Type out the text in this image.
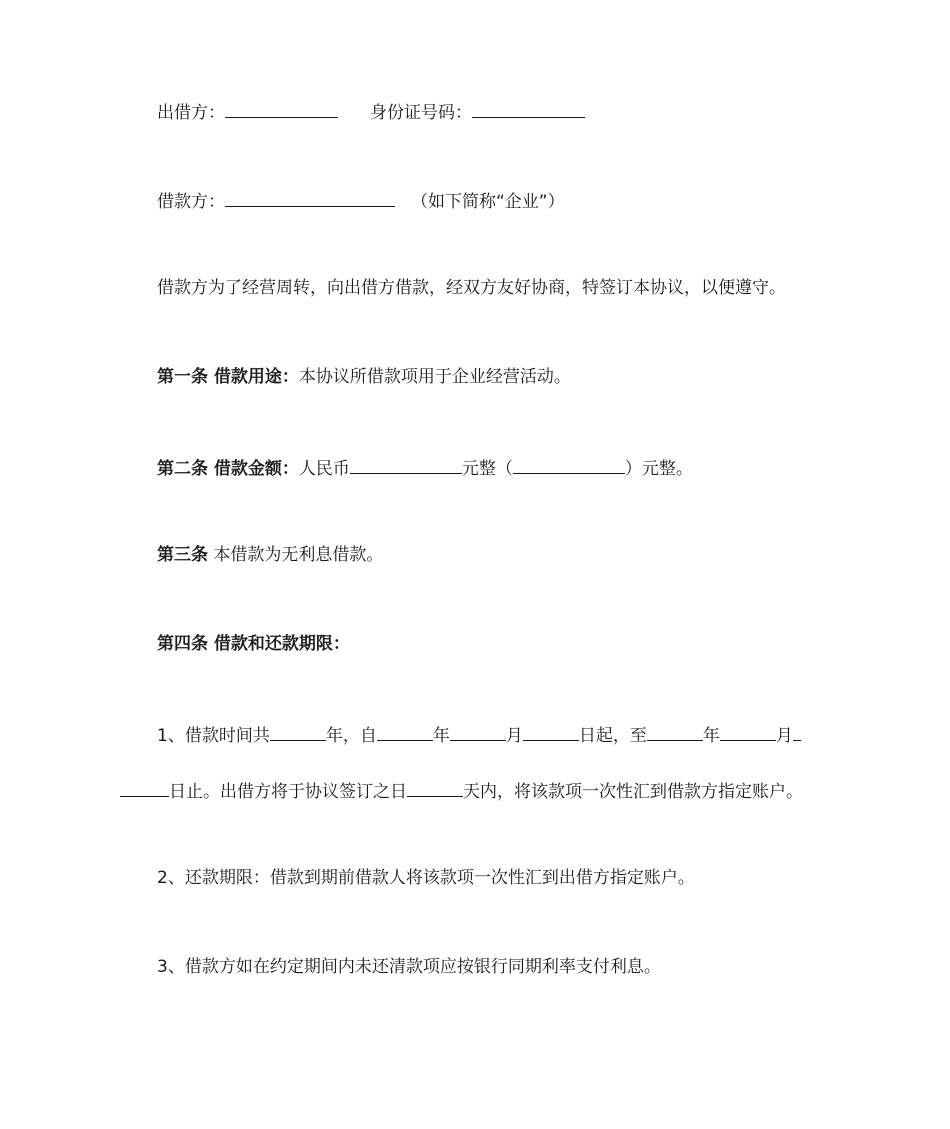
出借方：	身份证号码：
借款方：	（如下简称“企业”）
借款方为了经营周转，向出借方借款，经双方友好协商，特签订本协议，以便遵守。
第一条 借款用途：本协议所借款项用于企业经营活动。
第二条 借款金额：人民币	元整（	）元整。
第三条 本借款为无利息借款。
第四条 借款和还款期限：
1、借款时间共	年，自	年	月	日起，至	年	月
日止。出借方将于协议签订之日	天内，将该款项一次性汇到借款方指定账户。
2、还款期限：借款到期前借款人将该款项一次性汇到出借方指定账户。
3、借款方如在约定期间内未还清款项应按银行同期利率支付利息。
